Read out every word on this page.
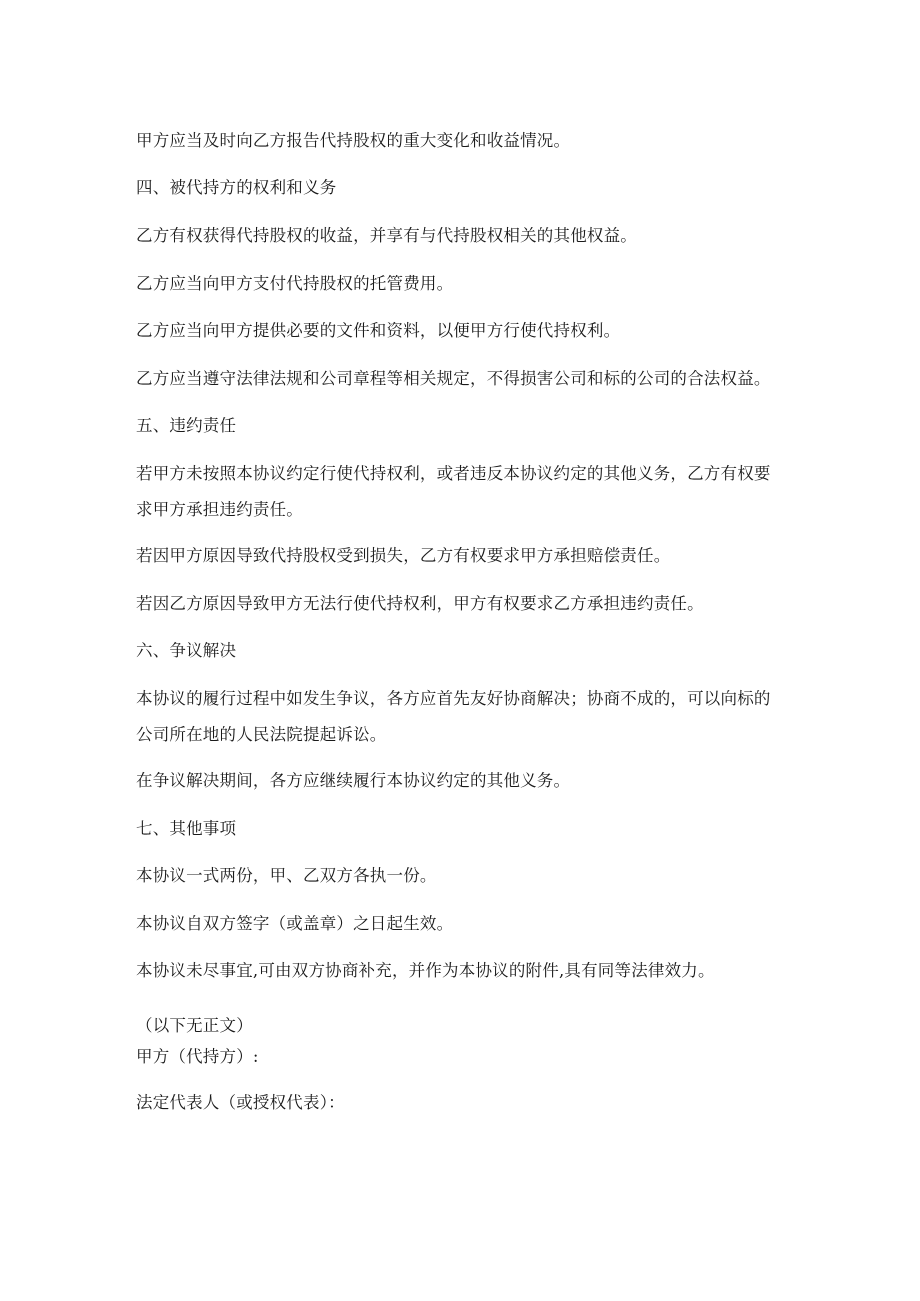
甲方应当及时向乙方报告代持股权的重大变化和收益情况。

四、被代持方的权利和义务

乙方有权获得代持股权的收益，并享有与代持股权相关的其他权益。

乙方应当向甲方支付代持股权的托管费用。

乙方应当向甲方提供必要的文件和资料，以便甲方行使代持权利。

乙方应当遵守法律法规和公司章程等相关规定，不得损害公司和标的公司的合法权益。

五、违约责任

若甲方未按照本协议约定行使代持权利，或者违反本协议约定的其他义务，乙方有权要

求甲方承担违约责任。

若因甲方原因导致代持股权受到损失，乙方有权要求甲方承担赔偿责任。

若因乙方原因导致甲方无法行使代持权利，甲方有权要求乙方承担违约责任。

六、争议解决

本协议的履行过程中如发生争议，各方应首先友好协商解决；协商不成的，可以向标的

公司所在地的人民法院提起诉讼。

在争议解决期间，各方应继续履行本协议约定的其他义务。

七、其他事项

本协议一式两份，甲、乙双方各执一份。

本协议自双方签字（或盖章）之日起生效。

本协议未尽事宜,可由双方协商补充，并作为本协议的附件,具有同等法律效力。

（以下无正文）

甲方（代持方）:

法定代表人（或授权代表）：
